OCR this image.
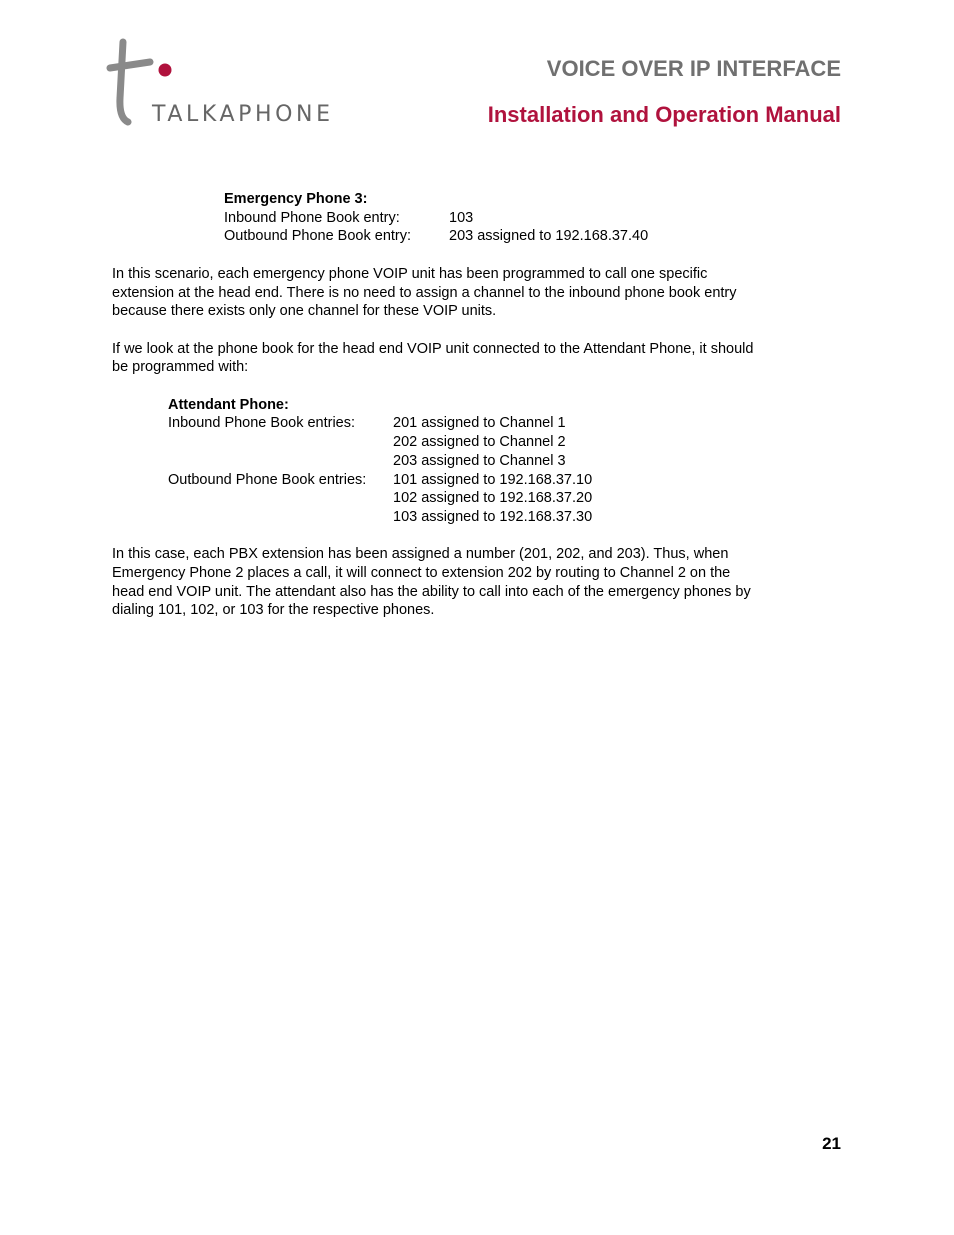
TALKAPHONE
VOICE OVER IP INTERFACE
Installation and Operation Manual
Emergency Phone 3:
Inbound Phone Book entry:	103
Outbound Phone Book entry:	203 assigned to 192.168.37.40
In this scenario, each emergency phone VOIP unit has been programmed to call one specific
extension at the head end. There is no need to assign a channel to the inbound phone book entry
because there exists only one channel for these VOIP units.
If we look at the phone book for the head end VOIP unit connected to the Attendant Phone, it should
be programmed with:
Attendant Phone:
Inbound Phone Book entries:	201 assigned to Channel 1
202 assigned to Channel 2
203 assigned to Channel 3
Outbound Phone Book entries:	101 assigned to 192.168.37.10
102 assigned to 192.168.37.20
103 assigned to 192.168.37.30
In this case, each PBX extension has been assigned a number (201, 202, and 203). Thus, when
Emergency Phone 2 places a call, it will connect to extension 202 by routing to Channel 2 on the
head end VOIP unit. The attendant also has the ability to call into each of the emergency phones by
dialing 101, 102, or 103 for the respective phones.
21
